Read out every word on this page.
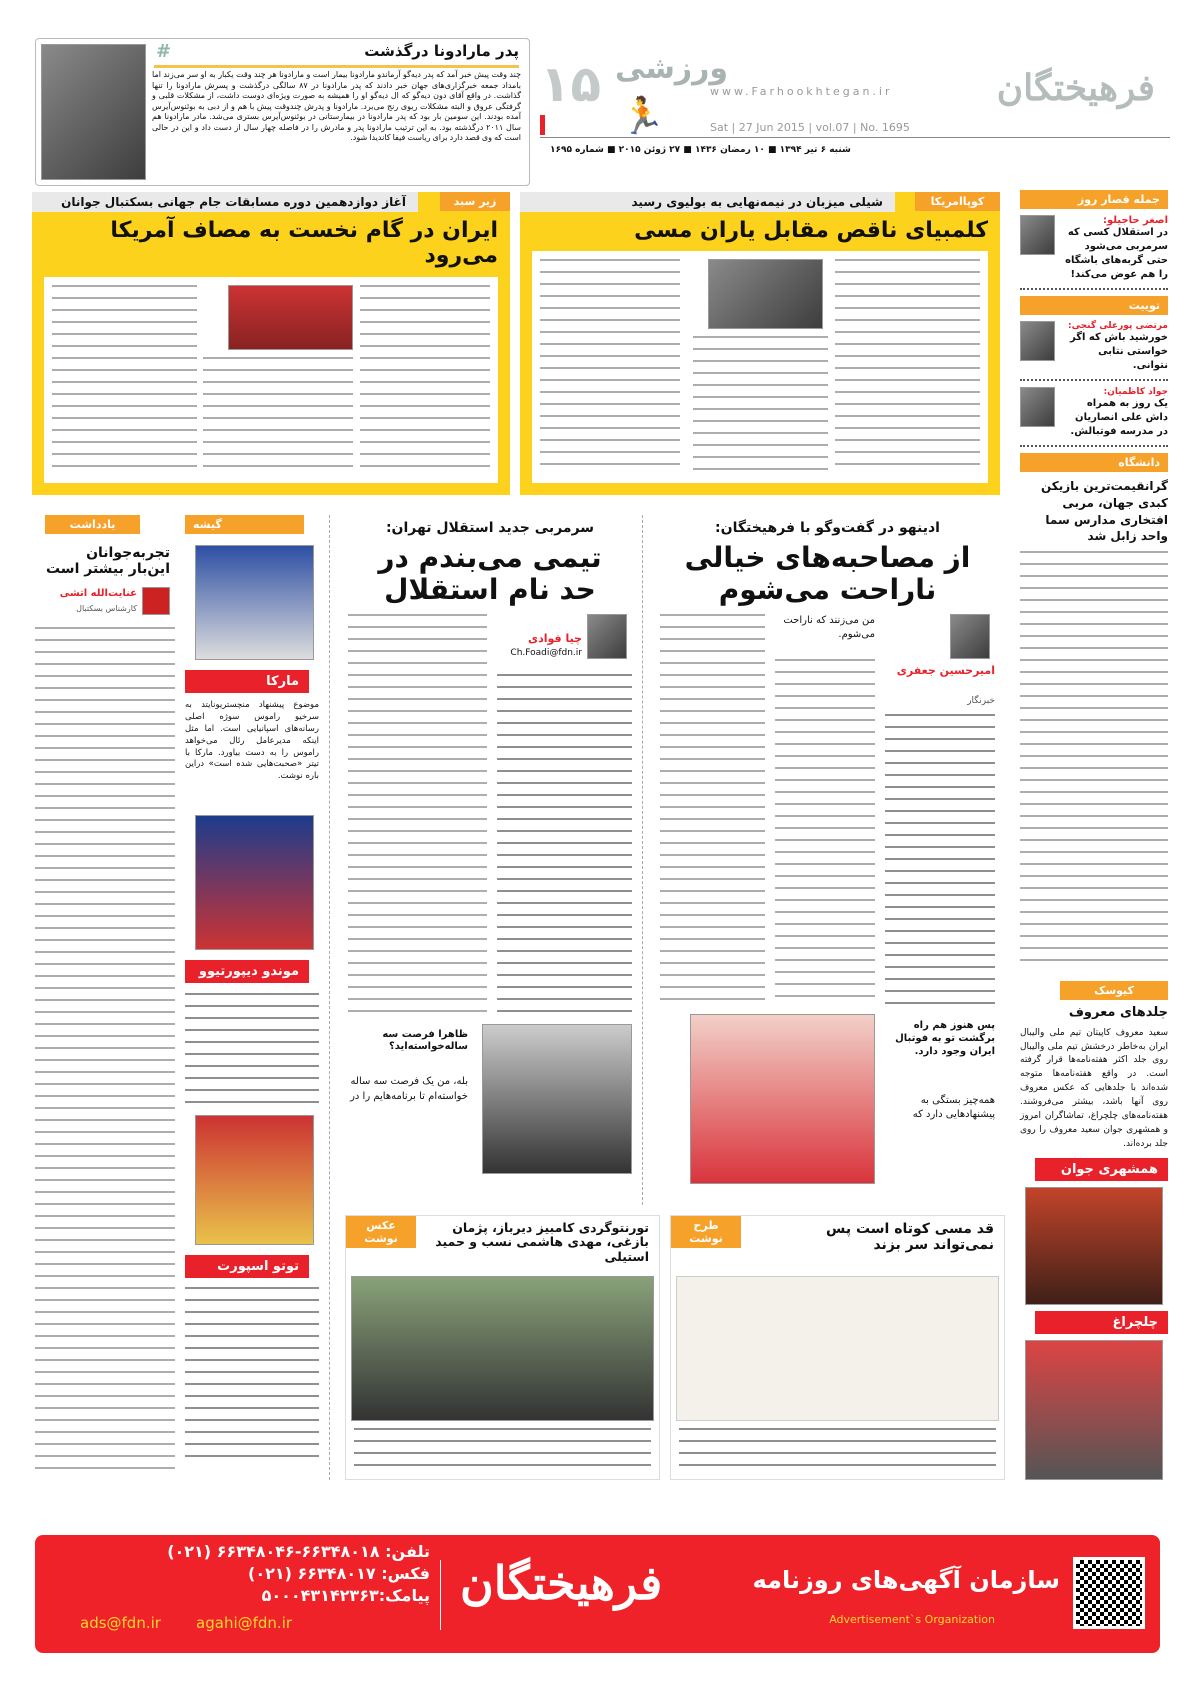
فرهیختگان
www.Farhookhtegan.ir
ورزشی
🏃
۱۵
Sat | 27 Jun 2015 | vol.07 | No. 1695
شنبه ۶ تیر ۱۳۹۴ ■ ۱۰ رمضان ۱۴۳۶ ■ ۲۷ ژوئن ۲۰۱۵ ■ شماره ۱۶۹۵
پدر مارادونا درگذشت
#
چند وقت پیش خبر آمد که پدر دیه‌گو آرماندو مارادونا بیمار است و مارادونا هر چند وقت یکبار به او سر می‌زند اما بامداد جمعه خبرگزاری‌های جهان خبر دادند که پدر مارادونا در ۸۷ سالگی درگذشت و پسرش مارادونا را تنها گذاشت. در واقع آقای دون دیه‌گو که ال دیه‌گو او را همیشه به صورت ویژه‌ای دوست داشت، از مشکلات قلبی و گرفتگی عروق و البته مشکلات ریوی رنج می‌برد. مارادونا و پدرش چندوقت پیش با هم و از دبی به بوئنوس‌آیرس آمده بودند. این سومین بار بود که پدر مارادونا در بیمارستانی در بوئنوس‌آیرس بستری می‌شد. مادر مارادونا هم سال ۲۰۱۱ درگذشته بود. به این ترتیب مارادونا پدر و مادرش را در فاصله چهار سال از دست داد و این در حالی است که وی قصد دارد برای ریاست فیفا کاندیدا شود.
کوپاامریکا
شیلی میزبان در نیمه‌نهایی به بولیوی رسید
کلمبیای ناقص مقابل یاران مسی
زیر سبد
آغاز دوازدهمین دوره مسابقات جام جهانی بسکتبال جوانان
ایران در گام نخست به مصاف آمریکا می‌رود
جمله قصار روز
اصغر حاجیلو:
در استقلال کسی که سرمربی می‌شود حتی گربه‌های باشگاه را هم عوض می‌کند!
توییت
مرتضی پورعلی گنجی:
خورشید باش که اگر خواستی نتابی نتوانی.
جواد کاظمیان:
یک روز به همراه داش علی انصاریان در مدرسه فوتبالش.
دانشگاه
گرانقیمت‌ترین بازیکن کبدی جهان، مربی افتخاری مدارس سما واحد زابل شد
کیوسک
جلدهای معروف
سعید معروف کاپیتان تیم ملی والیبال ایران به‌خاطر درخشش تیم ملی والیبال روی جلد اکثر هفته‌نامه‌ها قرار گرفته است. در واقع هفته‌نامه‌ها متوجه شده‌اند با جلدهایی که عکس معروف روی آنها باشد، بیشتر می‌فروشند. هفته‌نامه‌های چلچراغ، تماشاگران امروز و همشهری جوان سعید معروف را روی جلد برده‌اند.
همشهری جوان
چلچراغ
یادداشت
تجربه‌جوانان این‌بار بیشتر است
عنایت‌الله اتشی
کارشناس بسکتبال
گیشه
مارکا
موضوع پیشنهاد منچستریونایتد به سرخیو راموس سوژه اصلی رسانه‌های اسپانیایی است. اما مثل اینکه مدیرعامل رئال می‌خواهد راموس را به دست بیاورد. مارکا با تیتر «صحبت‌هایی شده است» دراین باره نوشت.
موندو دیپورتیوو
توتو اسپورت
سرمربی جدید استقلال تهران:
تیمی می‌بندم در حد نام استقلال
چیا فوادی
Ch.Foadi@fdn.ir
ظاهرا فرصت سه ساله‌خواسته‌اید؟
بله، من یک فرصت سه ساله خواسته‌ام تا برنامه‌هایم را در
ادینهو در گفت‌وگو با فرهیختگان:
از مصاحبه‌های خیالی ناراحت می‌شوم
امیرحسین جعفری
خبرنگار
من می‌زنند که ناراحت می‌شوم.
پس هنوز هم راه برگشت تو به فوتبال ایران وجود دارد.
همه‌چیز بستگی به پیشنهادهایی دارد که
طرح نوشت
قد مسی کوتاه است پس نمی‌تواند سر بزند
عکس نوشت
تورنتوگردی کامبیز دیرباز، پژمان بازغی، مهدی هاشمی نسب و حمید استیلی
سازمان آگهی‌های روزنامه
Advertisement`s Organization
فرهیختگان
تلفن: ۶۶۳۴۸۰۱۸-۶۶۳۴۸۰۴۶ (۰۲۱)
فکس: ۶۶۳۴۸۰۱۷ (۰۲۱)
پیامک:۵۰۰۰۴۳۱۴۲۳۶۳
ads@fdn.ir agahi@fdn.ir
